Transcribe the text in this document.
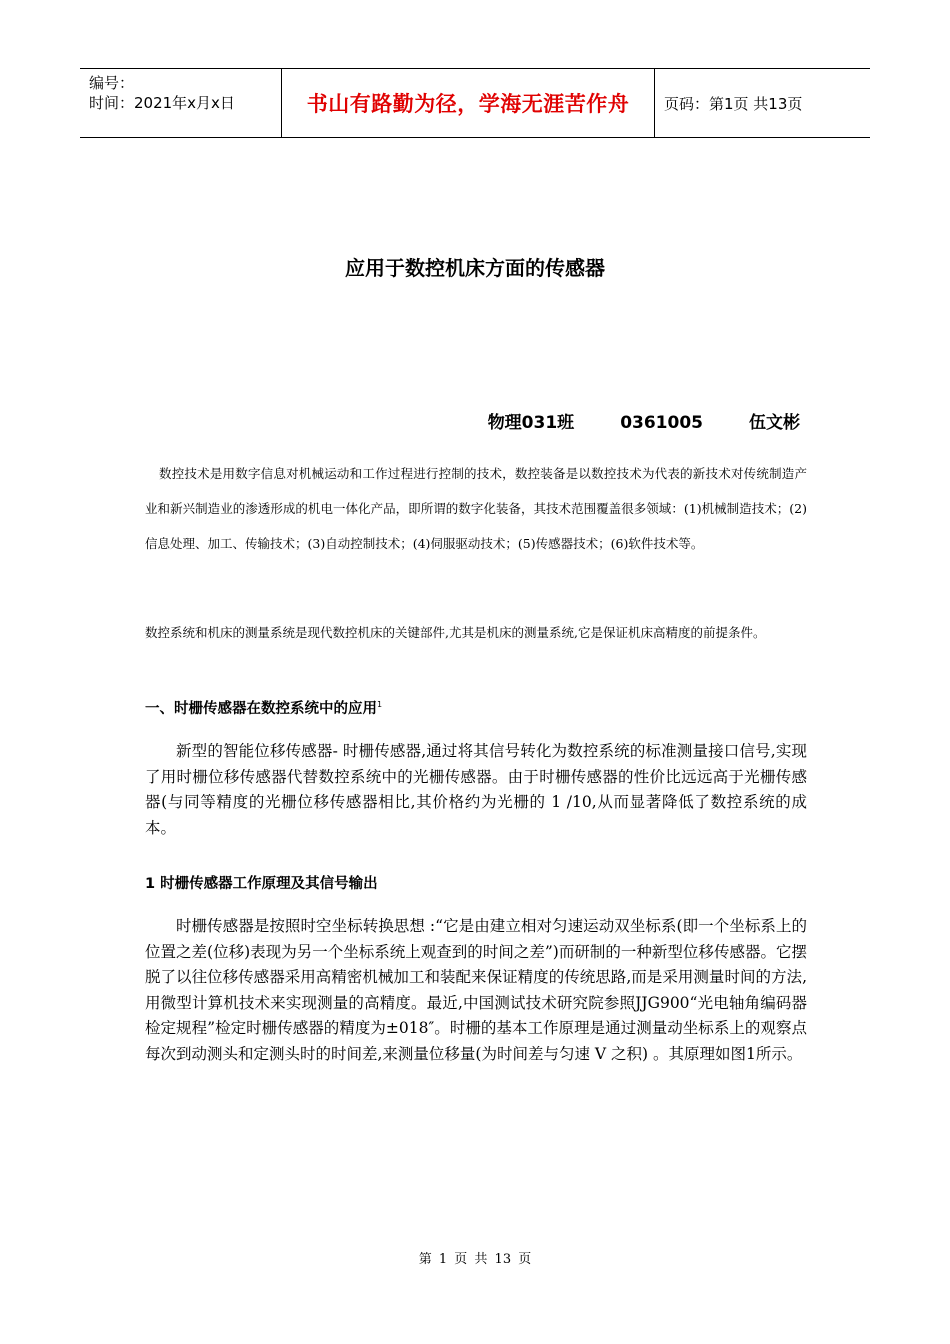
编号：
时间：2021年x月x日	书山有路勤为径，学海无涯苦作舟	页码：第1页 共13页
应用于数控机床方面的传感器
物理031班	0361005	伍文彬

数控技术是用数字信息对机械运动和工作过程进行控制的技术，数控装备是以数控技术为代表的新技术对传统制造产业和新兴制造业的渗透形成的机电一体化产品，即所谓的数字化装备，其技术范围覆盖很多领域：(1)机械制造技术；(2)信息处理、加工、传输技术；(3)自动控制技术；(4)伺服驱动技术；(5)传感器技术；(6)软件技术等。

数控系统和机床的测量系统是现代数控机床的关键部件,尤其是机床的测量系统,它是保证机床高精度的前提条件。

一、时栅传感器在数控系统中的应用$^1$

新型的智能位移传感器- 时栅传感器,通过将其信号转化为数控系统的标准测量接口信号,实现了用时栅位移传感器代替数控系统中的光栅传感器。由于时栅传感器的性价比远远高于光栅传感器(与同等精度的光栅位移传感器相比,其价格约为光栅的 1 /10,从而显著降低了数控系统的成本。

1 时栅传感器工作原理及其信号输出

时栅传感器是按照时空坐标转换思想 :“它是由建立相对匀速运动双坐标系(即一个坐标系上的位置之差(位移)表现为另一个坐标系统上观查到的时间之差”)而研制的一种新型位移传感器。它摆脱了以往位移传感器采用高精密机械加工和装配来保证精度的传统思路,而是采用测量时间的方法,用微型计算机技术来实现测量的高精度。最近,中国测试技术研究院参照JJG900“光电轴角编码器检定规程”检定时栅传感器的精度为±018″。时栅的基本工作原理是通过测量动坐标系上的观察点每次到动测头和定测头时的时间差,来测量位移量(为时间差与匀速 V 之积) 。其原理如图1所示。

第 1 页 共 13 页
